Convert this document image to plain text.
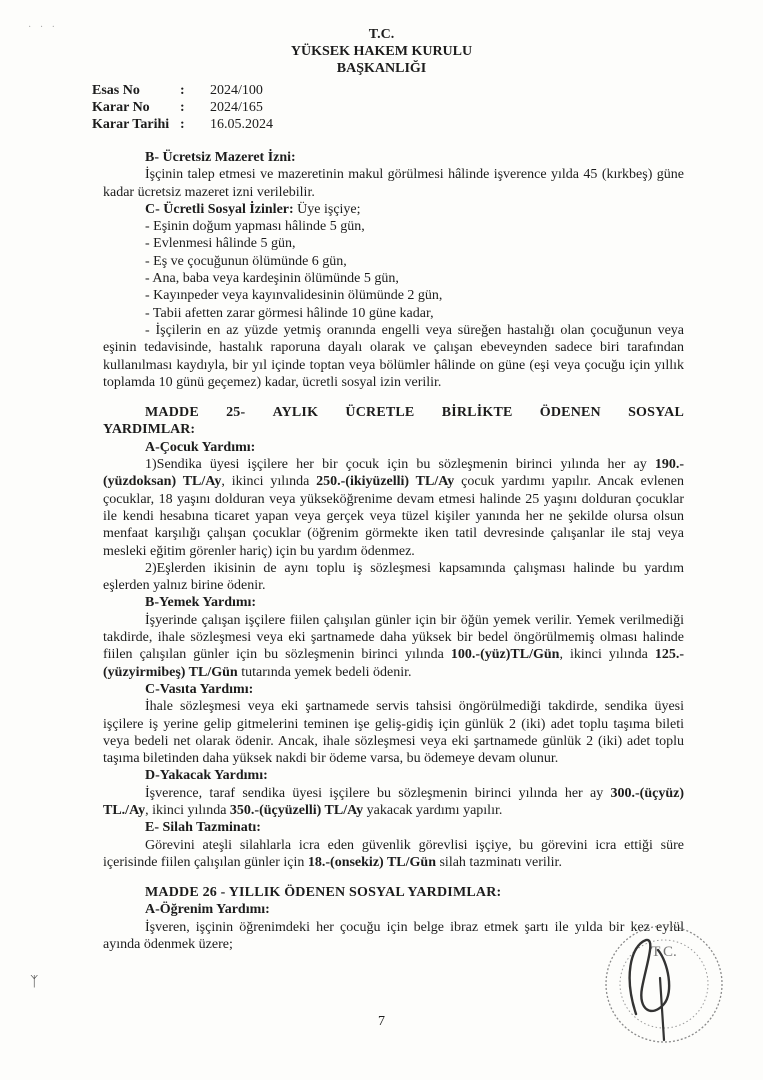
· · ·	T.C.
YÜKSEK HAKEM KURULU
BAŞKANLIĞI
Esas No	:	2024/100
Karar No	:	2024/165
Karar Tarihi :	16.05.2024

B- Ücretsiz Mazeret İzni:

İşçinin talep etmesi ve mazeretinin makul görülmesi hâlinde işverence yılda 45 (kırkbeş) güne kadar ücretsiz mazeret izni verilebilir.

C- Ücretli Sosyal İzinler: Üye işçiye;

- Eşinin doğum yapması hâlinde 5 gün,

- Evlenmesi hâlinde 5 gün,

- Eş ve çocuğunun ölümünde 6 gün,

- Ana, baba veya kardeşinin ölümünde 5 gün,

- Kayınpeder veya kayınvalidesinin ölümünde 2 gün,

- Tabii afetten zarar görmesi hâlinde 10 güne kadar,

- İşçilerin en az yüzde yetmiş oranında engelli veya süreğen hastalığı olan çocuğunun veya eşinin tedavisinde, hastalık raporuna dayalı olarak ve çalışan ebeveynden sadece biri tarafından kullanılması kaydıyla, bir yıl içinde toptan veya bölümler hâlinde on güne (eşi veya çocuğu için yıllık toplamda 10 günü geçemez) kadar, ücretli sosyal izin verilir.

MADDE 25- AYLIK ÜCRETLE BİRLİKTE ÖDENEN SOSYAL

YARDIMLAR:

A-Çocuk Yardımı:

1)Sendika üyesi işçilere her bir çocuk için bu sözleşmenin birinci yılında her ay 190.-(yüzdoksan) TL/Ay, ikinci yılında 250.-(ikiyüzelli) TL/Ay çocuk yardımı yapılır. Ancak evlenen çocuklar, 18 yaşını dolduran veya yükseköğrenime devam etmesi halinde 25 yaşını dolduran çocuklar ile kendi hesabına ticaret yapan veya gerçek veya tüzel kişiler yanında her ne şekilde olursa olsun menfaat karşılığı çalışan çocuklar (öğrenim görmekte iken tatil devresinde çalışanlar ile staj veya mesleki eğitim görenler hariç) için bu yardım ödenmez.

2)Eşlerden ikisinin de aynı toplu iş sözleşmesi kapsamında çalışması halinde bu yardım eşlerden yalnız birine ödenir.

B-Yemek Yardımı:

İşyerinde çalışan işçilere fiilen çalışılan günler için bir öğün yemek verilir. Yemek verilmediği takdirde, ihale sözleşmesi veya eki şartnamede daha yüksek bir bedel öngörülmemiş olması halinde fiilen çalışılan günler için bu sözleşmenin birinci yılında 100.-(yüz)TL/Gün, ikinci yılında 125.-(yüzyirmibeş) TL/Gün tutarında yemek bedeli ödenir.

C-Vasıta Yardımı:

İhale sözleşmesi veya eki şartnamede servis tahsisi öngörülmediği takdirde, sendika üyesi işçilere iş yerine gelip gitmelerini teminen işe geliş-gidiş için günlük 2 (iki) adet toplu taşıma bileti veya bedeli net olarak ödenir. Ancak, ihale sözleşmesi veya eki şartnamede günlük 2 (iki) adet toplu taşıma biletinden daha yüksek nakdi bir ödeme varsa, bu ödemeye devam olunur.

D-Yakacak Yardımı:

İşverence, taraf sendika üyesi işçilere bu sözleşmenin birinci yılında her ay 300.-(üçyüz) TL./Ay, ikinci yılında 350.-(üçyüzelli) TL/Ay yakacak yardımı yapılır.

E- Silah Tazminatı:

Görevini ateşli silahlarla icra eden güvenlik görevlisi işçiye, bu görevini icra ettiği süre içerisinde fiilen çalışılan günler için 18.-(onsekiz) TL/Gün silah tazminatı verilir.

MADDE 26 - YILLIK ÖDENEN SOSYAL YARDIMLAR:

A-Öğrenim Yardımı:

İşveren, işçinin öğrenimdeki her çocuğu için belge ibraz etmek şartı ile yılda bir kez eylül ayında ödenmek üzere;

ᛉ
T.C.
7
